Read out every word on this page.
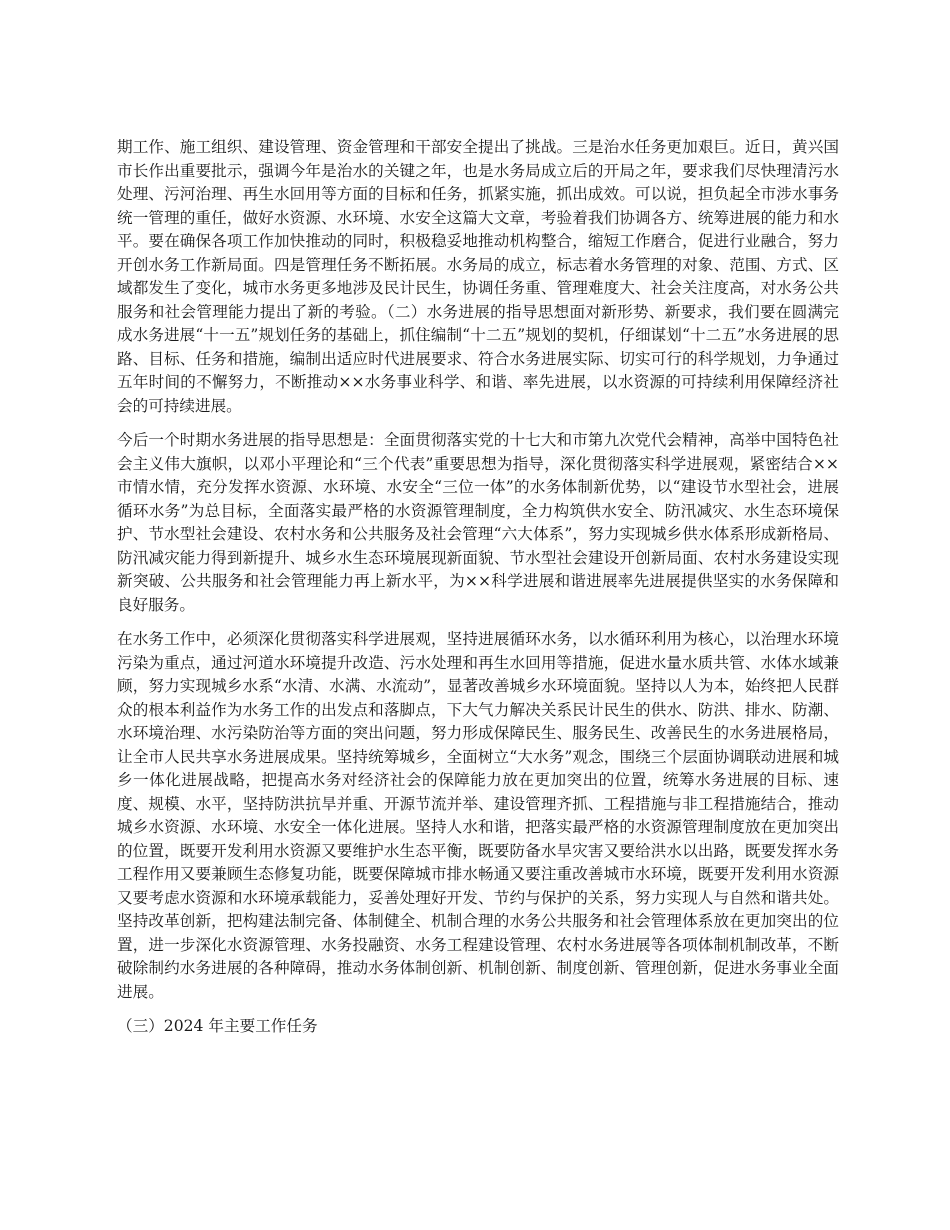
期工作、施工组织、建设管理、资金管理和干部安全提出了挑战。三是治水任务更加艰巨。近日，黄兴国市长作出重要批示，强调今年是治水的关键之年，也是水务局成立后的开局之年，要求我们尽快理清污水处理、污河治理、再生水回用等方面的目标和任务，抓紧实施，抓出成效。可以说，担负起全市涉水事务统一管理的重任，做好水资源、水环境、水安全这篇大文章，考验着我们协调各方、统筹进展的能力和水平。要在确保各项工作加快推动的同时，积极稳妥地推动机构整合，缩短工作磨合，促进行业融合，努力开创水务工作新局面。四是管理任务不断拓展。水务局的成立，标志着水务管理的对象、范围、方式、区域都发生了变化，城市水务更多地涉及民计民生，协调任务重、管理难度大、社会关注度高，对水务公共服务和社会管理能力提出了新的考验。（二）水务进展的指导思想面对新形势、新要求，我们要在圆满完成水务进展“十一五”规划任务的基础上，抓住编制“十二五”规划的契机，仔细谋划“十二五”水务进展的思路、目标、任务和措施，编制出适应时代进展要求、符合水务进展实际、切实可行的科学规划，力争通过五年时间的不懈努力，不断推动××水务事业科学、和谐、率先进展，以水资源的可持续利用保障经济社会的可持续进展。

今后一个时期水务进展的指导思想是：全面贯彻落实党的十七大和市第九次党代会精神，高举中国特色社会主义伟大旗帜，以邓小平理论和“三个代表”重要思想为指导，深化贯彻落实科学进展观，紧密结合××市情水情，充分发挥水资源、水环境、水安全“三位一体”的水务体制新优势，以“建设节水型社会，进展循环水务”为总目标，全面落实最严格的水资源管理制度，全力构筑供水安全、防汛减灾、水生态环境保护、节水型社会建设、农村水务和公共服务及社会管理“六大体系”，努力实现城乡供水体系形成新格局、防汛减灾能力得到新提升、城乡水生态环境展现新面貌、节水型社会建设开创新局面、农村水务建设实现新突破、公共服务和社会管理能力再上新水平，为××科学进展和谐进展率先进展提供坚实的水务保障和良好服务。

在水务工作中，必须深化贯彻落实科学进展观，坚持进展循环水务，以水循环利用为核心，以治理水环境污染为重点，通过河道水环境提升改造、污水处理和再生水回用等措施，促进水量水质共管、水体水域兼顾，努力实现城乡水系“水清、水满、水流动”，显著改善城乡水环境面貌。坚持以人为本，始终把人民群众的根本利益作为水务工作的出发点和落脚点，下大气力解决关系民计民生的供水、防洪、排水、防潮、水环境治理、水污染防治等方面的突出问题，努力形成保障民生、服务民生、改善民生的水务进展格局，让全市人民共享水务进展成果。坚持统筹城乡，全面树立“大水务”观念，围绕三个层面协调联动进展和城乡一体化进展战略，把提高水务对经济社会的保障能力放在更加突出的位置，统筹水务进展的目标、速度、规模、水平，坚持防洪抗旱并重、开源节流并举、建设管理齐抓、工程措施与非工程措施结合，推动城乡水资源、水环境、水安全一体化进展。坚持人水和谐，把落实最严格的水资源管理制度放在更加突出的位置，既要开发利用水资源又要维护水生态平衡，既要防备水旱灾害又要给洪水以出路，既要发挥水务工程作用又要兼顾生态修复功能，既要保障城市排水畅通又要注重改善城市水环境，既要开发利用水资源又要考虑水资源和水环境承载能力，妥善处理好开发、节约与保护的关系，努力实现人与自然和谐共处。坚持改革创新，把构建法制完备、体制健全、机制合理的水务公共服务和社会管理体系放在更加突出的位置，进一步深化水资源管理、水务投融资、水务工程建设管理、农村水务进展等各项体制机制改革，不断破除制约水务进展的各种障碍，推动水务体制创新、机制创新、制度创新、管理创新，促进水务事业全面进展。

（三）2024 年主要工作任务
